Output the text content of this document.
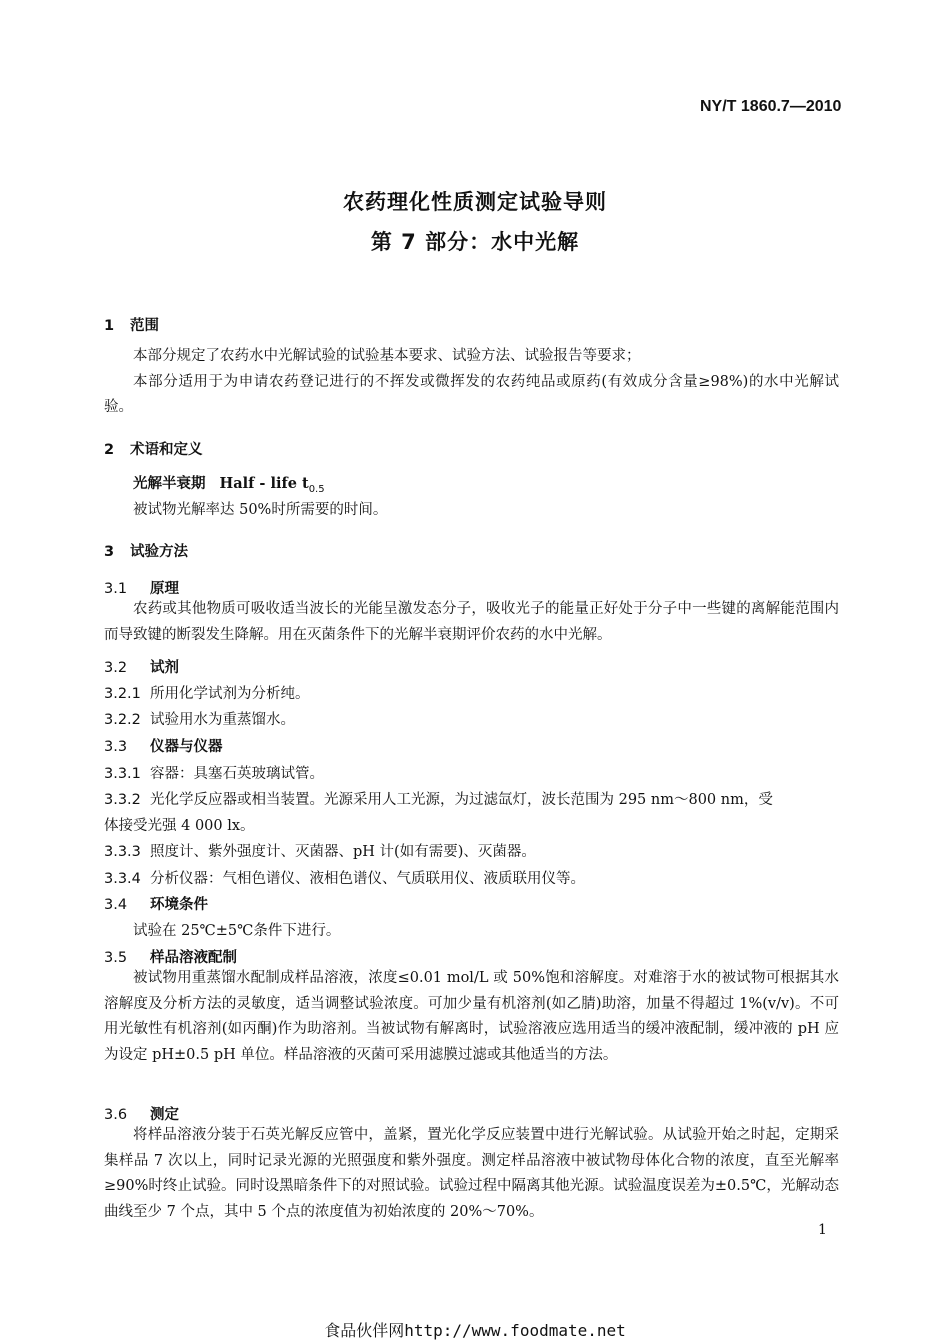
NY/T 1860.7—2010
农药理化性质测定试验导则
第 7 部分：水中光解
1 范围

本部分规定了农药水中光解试验的试验基本要求、试验方法、试验报告等要求；

本部分适用于为申请农药登记进行的不挥发或微挥发的农药纯品或原药(有效成分含量≥98%)的水中光解试验。

2 术语和定义
光解半衰期 Half - life $t_{0.5}$
被试物光解率达 50%时所需要的时间。
3 试验方法
3.1 原理

农药或其他物质可吸收适当波长的光能呈激发态分子，吸收光子的能量正好处于分子中一些键的离解能范围内而导致键的断裂发生降解。用在灭菌条件下的光解半衰期评价农药的水中光解。

3.2 试剂
3.2.1 所用化学试剂为分析纯。
3.2.2 试验用水为重蒸馏水。
3.3 仪器与仪器
3.3.1 容器：具塞石英玻璃试管。
3.3.2 光化学反应器或相当装置。光源采用人工光源，为过滤氙灯，波长范围为 295 nm～800 nm，受
体接受光强 4 000 lx。
3.3.3 照度计、紫外强度计、灭菌器、pH 计(如有需要)、灭菌器。
3.3.4 分析仪器：气相色谱仪、液相色谱仪、气质联用仪、液质联用仪等。
3.4 环境条件
试验在 25℃±5℃条件下进行。
3.5 样品溶液配制

被试物用重蒸馏水配制成样品溶液，浓度≤0.01 mol/L 或 50%饱和溶解度。对难溶于水的被试物可根据其水溶解度及分析方法的灵敏度，适当调整试验浓度。可加少量有机溶剂(如乙腈)助溶，加量不得超过 1%(v/v)。不可用光敏性有机溶剂(如丙酮)作为助溶剂。当被试物有解离时，试验溶液应选用适当的缓冲液配制，缓冲液的 pH 应为设定 pH±0.5 pH 单位。样品溶液的灭菌可采用滤膜过滤或其他适当的方法。

3.6 测定

将样品溶液分装于石英光解反应管中，盖紧，置光化学反应装置中进行光解试验。从试验开始之时起，定期采集样品 7 次以上，同时记录光源的光照强度和紫外强度。测定样品溶液中被试物母体化合物的浓度，直至光解率≥90%时终止试验。同时设黑暗条件下的对照试验。试验过程中隔离其他光源。试验温度误差为±0.5℃，光解动态曲线至少 7 个点，其中 5 个点的浓度值为初始浓度的 20%～70%。

1
食品伙伴网http://www.foodmate.net
